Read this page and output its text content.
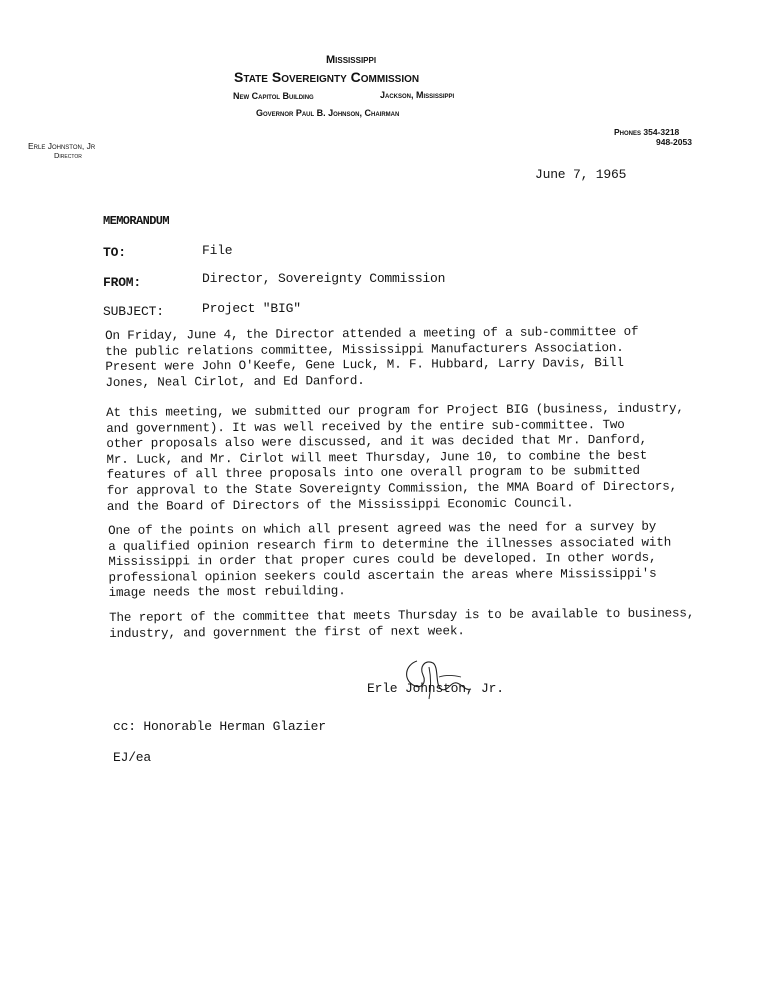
Mississippi
State Sovereignty Commission
New Capitol Building	Jackson, Mississippi
Governor Paul B. Johnson, Chairman
Erle Johnston, Jr
Director
Phones 354-3218
948-2053
June 7, 1965
MEMORANDUM
TO:	File
FROM:	Director, Sovereignty Commission
SUBJECT:	Project "BIG"
On Friday, June 4, the Director attended a meeting of a sub-committee of
the public relations committee, Mississippi Manufacturers Association.
Present were John O'Keefe, Gene Luck, M. F. Hubbard, Larry Davis, Bill
Jones, Neal Cirlot, and Ed Danford.
At this meeting, we submitted our program for Project BIG (business, industry,
and government). It was well received by the entire sub-committee. Two
other proposals also were discussed, and it was decided that Mr. Danford,
Mr. Luck, and Mr. Cirlot will meet Thursday, June 10, to combine the best
features of all three proposals into one overall program to be submitted
for approval to the State Sovereignty Commission, the MMA Board of Directors,
and the Board of Directors of the Mississippi Economic Council.
One of the points on which all present agreed was the need for a survey by
a qualified opinion research firm to determine the illnesses associated with
Mississippi in order that proper cures could be developed. In other words,
professional opinion seekers could ascertain the areas where Mississippi's
image needs the most rebuilding.
The report of the committee that meets Thursday is to be available to business,
industry, and government the first of next week.
Erle Johnston, Jr.
cc: Honorable Herman Glazier
EJ/ea
